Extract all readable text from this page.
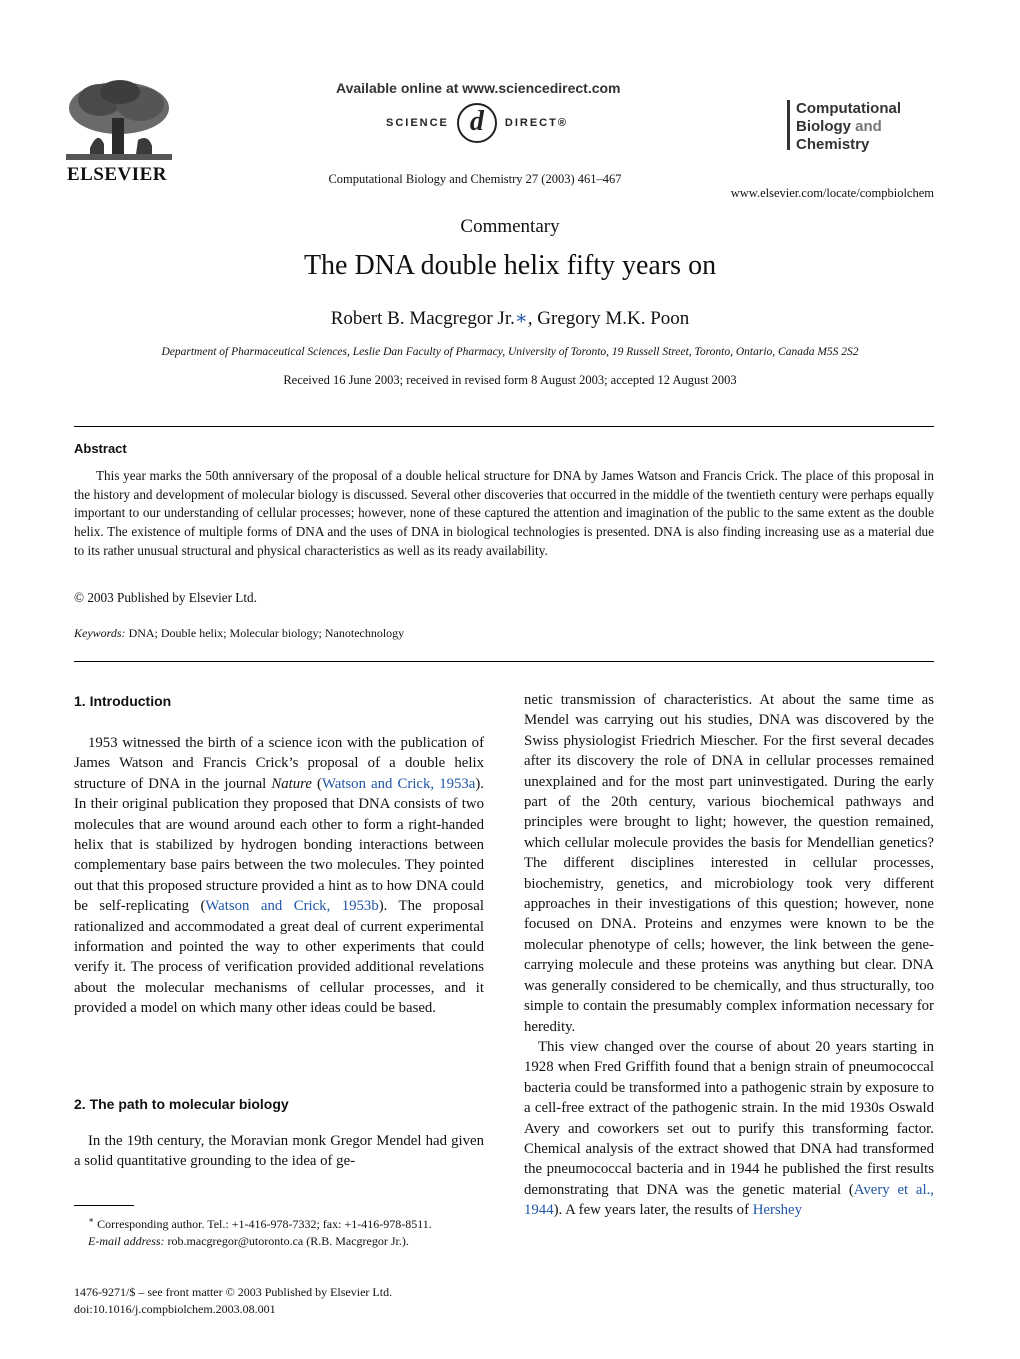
ELSEVIER
Available online at www.sciencedirect.com
SCIENCE d	DIRECT®
Computational Biology and Chemistry 27 (2003) 461–467
Computational
Biology and
Chemistry
www.elsevier.com/locate/compbiolchem
Commentary
The DNA double helix fifty years on
Robert B. Macgregor Jr.∗, Gregory M.K. Poon
Department of Pharmaceutical Sciences, Leslie Dan Faculty of Pharmacy, University of Toronto, 19 Russell Street, Toronto, Ontario, Canada M5S 2S2
Received 16 June 2003; received in revised form 8 August 2003; accepted 12 August 2003
Abstract

This year marks the 50th anniversary of the proposal of a double helical structure for DNA by James Watson and Francis Crick. The place of this proposal in the history and development of molecular biology is discussed. Several other discoveries that occurred in the middle of the twentieth century were perhaps equally important to our understanding of cellular processes; however, none of these captured the attention and imagination of the public to the same extent as the double helix. The existence of multiple forms of DNA and the uses of DNA in biological technologies is presented. DNA is also finding increasing use as a material due to its rather unusual structural and physical characteristics as well as its ready availability.

© 2003 Published by Elsevier Ltd.
Keywords: DNA; Double helix; Molecular biology; Nanotechnology
1. Introduction

1953 witnessed the birth of a science icon with the publication of James Watson and Francis Crick’s proposal of a double helix structure of DNA in the journal Nature (Watson and Crick, 1953a). In their original publication they proposed that DNA consists of two molecules that are wound around each other to form a right-handed helix that is stabilized by hydrogen bonding interactions between complementary base pairs between the two molecules. They pointed out that this proposed structure provided a hint as to how DNA could be self-replicating (Watson and Crick, 1953b). The proposal rationalized and accommodated a great deal of current experimental information and pointed the way to other experiments that could verify it. The process of verification provided additional revelations about the molecular mechanisms of cellular processes, and it provided a model on which many other ideas could be based.

2. The path to molecular biology

In the 19th century, the Moravian monk Gregor Mendel had given a solid quantitative grounding to the idea of ge-

∗ Corresponding author. Tel.: +1-416-978-7332; fax: +1-416-978-8511.
E-mail address: rob.macgregor@utoronto.ca (R.B. Macgregor Jr.).
1476-9271/$ – see front matter © 2003 Published by Elsevier Ltd.
doi:10.1016/j.compbiolchem.2003.08.001

netic transmission of characteristics. At about the same time as Mendel was carrying out his studies, DNA was discovered by the Swiss physiologist Friedrich Miescher. For the first several decades after its discovery the role of DNA in cellular processes remained unexplained and for the most part uninvestigated. During the early part of the 20th century, various biochemical pathways and principles were brought to light; however, the question remained, which cellular molecule provides the basis for Mendellian genetics? The different disciplines interested in cellular processes, biochemistry, genetics, and microbiology took very different approaches in their investigations of this question; however, none focused on DNA. Proteins and enzymes were known to be the molecular phenotype of cells; however, the link between the gene-carrying molecule and these proteins was anything but clear. DNA was generally considered to be chemically, and thus structurally, too simple to contain the presumably complex information necessary for heredity.

This view changed over the course of about 20 years starting in 1928 when Fred Griffith found that a benign strain of pneumococcal bacteria could be transformed into a pathogenic strain by exposure to a cell-free extract of the pathogenic strain. In the mid 1930s Oswald Avery and coworkers set out to purify this transforming factor. Chemical analysis of the extract showed that DNA had transformed the pneumococcal bacteria and in 1944 he published the first results demonstrating that DNA was the genetic material (Avery et al., 1944). A few years later, the results of Hershey
